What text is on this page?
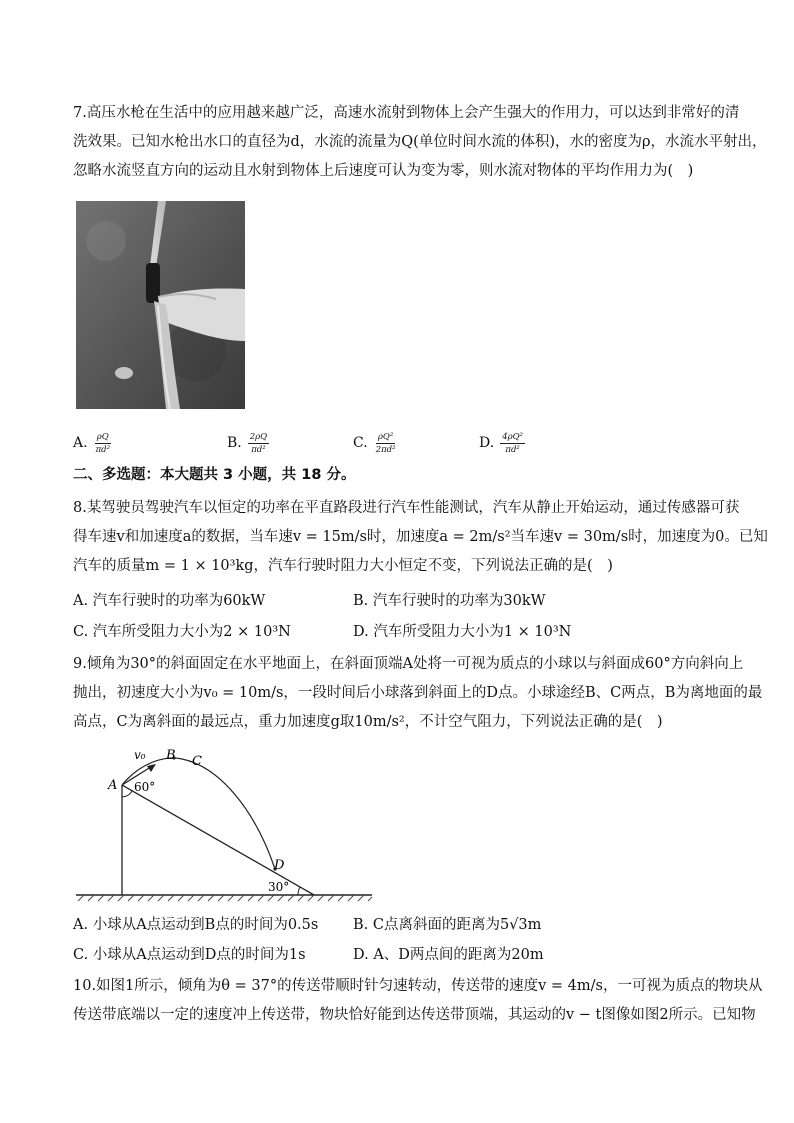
7.高压水枪在生活中的应用越来越广泛，高速水流射到物体上会产生强大的作用力，可以达到非常好的清
洗效果。已知水枪出水口的直径为d，水流的流量为Q(单位时间水流的体积)，水的密度为ρ，水流水平射出，
忽略水流竖直方向的运动且水射到物体上后速度可认为变为零，则水流对物体的平均作用力为(　)
A. $\frac{\rho Q}{\text{πd²}}$	B. $\frac{2\rho Q}{\text{πd²}}$	C. $\frac{\text{ρQ²}}{\text{2πd²}}$	D. $\frac{\text{4ρQ²}}{\text{πd²}}$
二、多选题：本大题共 3 小题，共 18 分。
8.某驾驶员驾驶汽车以恒定的功率在平直路段进行汽车性能测试，汽车从静止开始运动，通过传感器可获
得车速v和加速度a的数据，当车速v = 15m/s时，加速度a = 2m/s²当车速v = 30m/s时，加速度为0。已知
汽车的质量m = 1 × 10³kg，汽车行驶时阻力大小恒定不变，下列说法正确的是(　)
A. 汽车行驶时的功率为60kW	B. 汽车行驶时的功率为30kW
C. 汽车所受阻力大小为2 × 10³N	D. 汽车所受阻力大小为1 × 10³N
9.倾角为30°的斜面固定在水平地面上，在斜面顶端A处将一可视为质点的小球以与斜面成60°方向斜向上
抛出，初速度大小为v₀ = 10m/s，一段时间后小球落到斜面上的D点。小球途经B、C两点，B为离地面的最
高点，C为离斜面的最远点，重力加速度g取10m/s²，不计空气阻力，下列说法正确的是(　)
v₀ B C
A 60°
D
30°
A. 小球从A点运动到B点的时间为0.5s B. C点离斜面的距离为5√3m
C. 小球从A点运动到D点的时间为1s	D. A、D两点间的距离为20m
10.如图1所示，倾角为θ = 37°的传送带顺时针匀速转动，传送带的速度v = 4m/s，一可视为质点的物块从
传送带底端以一定的速度冲上传送带，物块恰好能到达传送带顶端，其运动的v − t图像如图2所示。已知物
